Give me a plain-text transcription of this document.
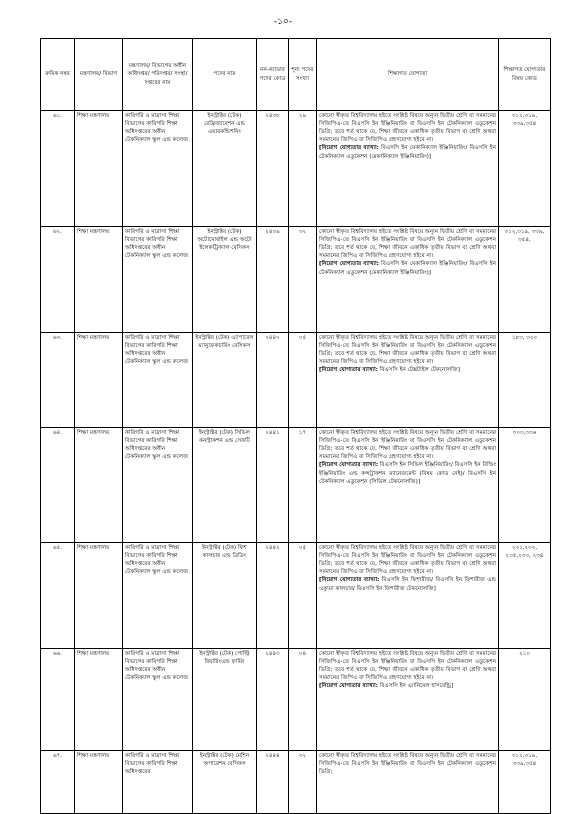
-১০-
ক্রমিক নম্বর	মন্ত্রণালয়/ বিভাগ	মন্ত্রণালয়/ বিভাগের অধীন অধিদপ্তর/ পরিদপ্তর/ সংস্থা/ দপ্তরের নাম	পদের নাম	নন-ক্যাডার পদের কোড	শূন্য পদের সংখ্যা	শিক্ষাগত যোগ্যতা	শিক্ষাগত যোগ্যতার বিষয় কোড
৬১.	শিক্ষা মন্ত্রণালয়	কারিগরি ও মাদ্রাসা শিক্ষা বিভাগের কারিগরি শিক্ষা অধিদপ্তরের অধীন টেকনিক্যাল স্কুল এন্ড কলেজ	ইনস্ট্রাক্টর (টেক) রেফ্রিজারেশন এন্ড এয়ারকন্ডিশনিং	২৪৩৮	২৯	কোনো স্বীকৃত বিশ্ববিদ্যালয় হইতে সংশ্লিষ্ট বিষয়ে অন্যূন দ্বিতীয় শ্রেণি বা সমমানের সিজিপিএ-তে বিএসসি ইন ইঞ্জিনিয়ারিং বা বিএসসি ইন টেকনিক্যাল এডুকেশন ডিগ্রি; তবে শর্ত থাকে যে, শিক্ষা জীবনে একাধিক তৃতীয় বিভাগ বা শ্রেণি অথবা সমমানের জিপিএ বা সিজিপিএ গ্রহণযোগ্য হইবে না।
[নিয়োগ যোগ্যতার ব্যাখ্যা: বিএসসি ইন মেকানিক্যাল ইঞ্জিনিয়ারিং/ বিএসসি ইন টেকনিক্যাল এডুকেশন (মেকানিক্যাল ইঞ্জিনিয়ারিং)]	৩১২,৩১৯, ৩৩৯,৩৫৪
৬২.	শিক্ষা মন্ত্রণালয়	কারিগরি ও মাদ্রাসা শিক্ষা বিভাগের কারিগরি শিক্ষা অধিদপ্তরের অধীন টেকনিক্যাল স্কুল এন্ড কলেজ	ইনস্ট্রাক্টর (টেক) অটোমোবাইল এন্ড অটো ইলেকট্রিক্যাল বেসিকস	২৪৩৯	৩২	কোনো স্বীকৃত বিশ্ববিদ্যালয় হইতে সংশ্লিষ্ট বিষয়ে অন্যূন দ্বিতীয় শ্রেণি বা সমমানের সিজিপিএ-তে বিএসসি ইন ইঞ্জিনিয়ারিং বা বিএসসি ইন টেকনিক্যাল এডুকেশন ডিগ্রি; তবে শর্ত থাকে যে, শিক্ষা জীবনে একাধিক তৃতীয় বিভাগ বা শ্রেণি অথবা সমমানের জিপিএ বা সিজিপিএ গ্রহণযোগ্য হইবে না।
[নিয়োগ যোগ্যতার ব্যাখ্যা: বিএসসি ইন মেকানিক্যাল ইঞ্জিনিয়ারিং/ বিএসসি ইন টেকনিক্যাল এডুকেশন (মেকানিক্যাল ইঞ্জিনিয়ারিং)]	৩১২,৩১৯, ৩৩৯, ৩৫৪,
৬৩.	শিক্ষা মন্ত্রণালয়	কারিগরি ও মাদ্রাসা শিক্ষা বিভাগের কারিগরি শিক্ষা অধিদপ্তরের অধীন টেকনিক্যাল স্কুল এন্ড কলেজ	ইনস্ট্রাক্টর (টেক) এ্যাপারেল ম্যানুফেকচারিং বেসিকস	২৪৪০	০৫	কোনো স্বীকৃত বিশ্ববিদ্যালয় হইতে সংশ্লিষ্ট বিষয়ে অন্যূন দ্বিতীয় শ্রেণি বা সমমানের সিজিপিএ-তে বিএসসি ইন ইঞ্জিনিয়ারিং বা বিএসসি ইন টেকনিক্যাল এডুকেশন ডিগ্রি; তবে শর্ত থাকে যে, শিক্ষা জীবনে একাধিক তৃতীয় বিভাগ বা শ্রেণি অথবা সমমানের জিপিএ বা সিজিপিএ গ্রহণযোগ্য হইবে না।
[নিয়োগ যোগ্যতার ব্যাখ্যা: বিএসসি ইন টেক্সটাইল টেকনোলজি]	১৮৩, ৩২০
৬৪.	শিক্ষা মন্ত্রণালয়	কারিগরি ও মাদ্রাসা শিক্ষা বিভাগের কারিগরি শিক্ষা অধিদপ্তরের অধীন টেকনিক্যাল স্কুল এন্ড কলেজ	ইনস্ট্রাক্টর (টেক) সিভিল কনস্ট্রাকশন এন্ড সেফটি	২৪৪১	১৭	কোনো স্বীকৃত বিশ্ববিদ্যালয় হইতে সংশ্লিষ্ট বিষয়ে অন্যূন দ্বিতীয় শ্রেণি বা সমমানের সিজিপিএ-তে বিএসসি ইন ইঞ্জিনিয়ারিং বা বিএসসি ইন টেকনিক্যাল এডুকেশন ডিগ্রি; তবে শর্ত থাকে যে, শিক্ষা জীবনে একাধিক তৃতীয় বিভাগ বা শ্রেণি অথবা সমমানের জিপিএ বা সিজিপিএ গ্রহণযোগ্য হইবে না।
[নিয়োগ যোগ্যতার ব্যাখ্যা: বিএসসি ইন সিভিল ইঞ্জিনিয়ারিং/ বিএসসি ইন বিল্ডিং ইঞ্জিনিয়ারিং এন্ড কন্সট্রাকশন ম্যানেজমেন্ট (বিষয় কোড নেই)/ বিএসসি ইন টেকনিক্যাল এডুকেশন (সিভিল টেকনোলজি)]	৩০৩,৩৩৬
৬৫.	শিক্ষা মন্ত্রণালয়	কারিগরি ও মাদ্রাসা শিক্ষা বিভাগের কারিগরি শিক্ষা অধিদপ্তরের অধীন টেকনিক্যাল স্কুল এন্ড কলেজ	ইনস্ট্রাক্টর (টেক) ফিশ কালচার এন্ড ব্রিডিং	২৪৪২	০৫	কোনো স্বীকৃত বিশ্ববিদ্যালয় হইতে সংশ্লিষ্ট বিষয়ে অন্যূন দ্বিতীয় শ্রেণি বা সমমানের সিজিপিএ-তে বিএসসি ইন ইঞ্জিনিয়ারিং বা বিএসসি ইন টেকনিক্যাল এডুকেশন ডিগ্রি; তবে শর্ত থাকে যে, শিক্ষা জীবনে একাধিক তৃতীয় বিভাগ বা শ্রেণি অথবা সমমানের জিপিএ বা সিজিপিএ গ্রহণযোগ্য হইবে না।
[নিয়োগ যোগ্যতার ব্যাখ্যা: বিএসসি ইন ফিশারীজ/ বিএসসি ইন ফিশারীজ এন্ড এক্যুয়া কালচার/ বিএসসি ইন ফিশারীজ টেকনোলজি]	২৩১,২৩২, ২৩৫,২৩৩, ২৩৪
৬৬.	শিক্ষা মন্ত্রণালয়	কারিগরি ও মাদ্রাসা শিক্ষা বিভাগের কারিগরি শিক্ষা অধিদপ্তরের অধীন টেকনিক্যাল স্কুল এন্ড কলেজ	ইনস্ট্রাক্টর (টেক) পোল্ট্রি রিয়ারিংএন্ড ফার্মিং	২৪৪৩	০৪	কোনো স্বীকৃত বিশ্ববিদ্যালয় হইতে সংশ্লিষ্ট বিষয়ে অন্যূন দ্বিতীয় শ্রেণি বা সমমানের সিজিপিএ-তে বিএসসি ইন ইঞ্জিনিয়ারিং বা বিএসসি ইন টেকনিক্যাল এডুকেশন ডিগ্রি; তবে শর্ত থাকে যে, শিক্ষা জীবনে একাধিক তৃতীয় বিভাগ বা শ্রেণি অথবা সমমানের জিপিএ বা সিজিপিএ গ্রহণযোগ্য হইবে না।
[নিয়োগ যোগ্যতার ব্যাখ্যা: বিএসসি ইন এ্যানিমেল হাসবেন্ড্রি]	২১০
৬৭.	শিক্ষা মন্ত্রণালয়	কারিগরি ও মাদ্রাসা শিক্ষা বিভাগের কারিগরি শিক্ষা অধিদপ্তরের	ইনস্ট্রাক্টর (টেক) মেশিন অপারেশন বেসিকস	২৪৪৪	৩২	কোনো স্বীকৃত বিশ্ববিদ্যালয় হইতে সংশ্লিষ্ট বিষয়ে অন্যূন দ্বিতীয় শ্রেণি বা সমমানের সিজিপিএ-তে বিএসসি ইন ইঞ্জিনিয়ারিং বা বিএসসি ইন টেকনিক্যাল এডুকেশন ডিগ্রি;	৩১২,৩১৯, ৩৩৯,৩৫৪
